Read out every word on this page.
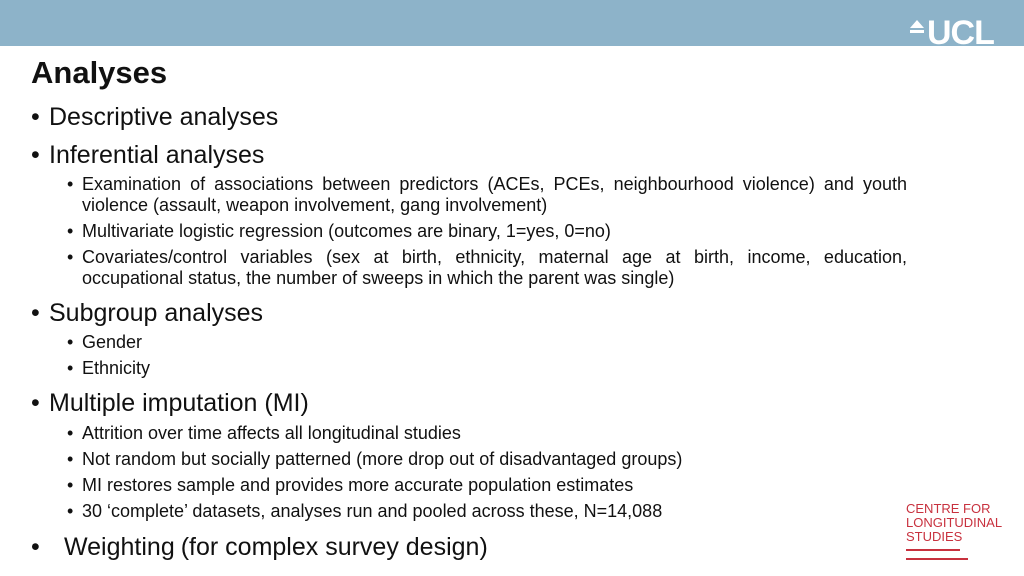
UCL
Analyses
• Descriptive analyses
• Inferential analyses
• Examination of associations between predictors (ACEs, PCEs, neighbourhood violence) and youth violence (assault, weapon involvement, gang involvement)
• Multivariate logistic regression (outcomes are binary, 1=yes, 0=no)
• Covariates/control variables (sex at birth, ethnicity, maternal age at birth, income, education, occupational status, the number of sweeps in which the parent was single)
• Subgroup analyses
• Gender
• Ethnicity
• Multiple imputation (MI)
• Attrition over time affects all longitudinal studies
• Not random but socially patterned (more drop out of disadvantaged groups)
• MI restores sample and provides more accurate population estimates
• 30 ‘complete’ datasets, analyses run and pooled across these, N=14,088
• Weighting (for complex survey design)
CENTRE FOR
LONGITUDINAL
STUDIES
